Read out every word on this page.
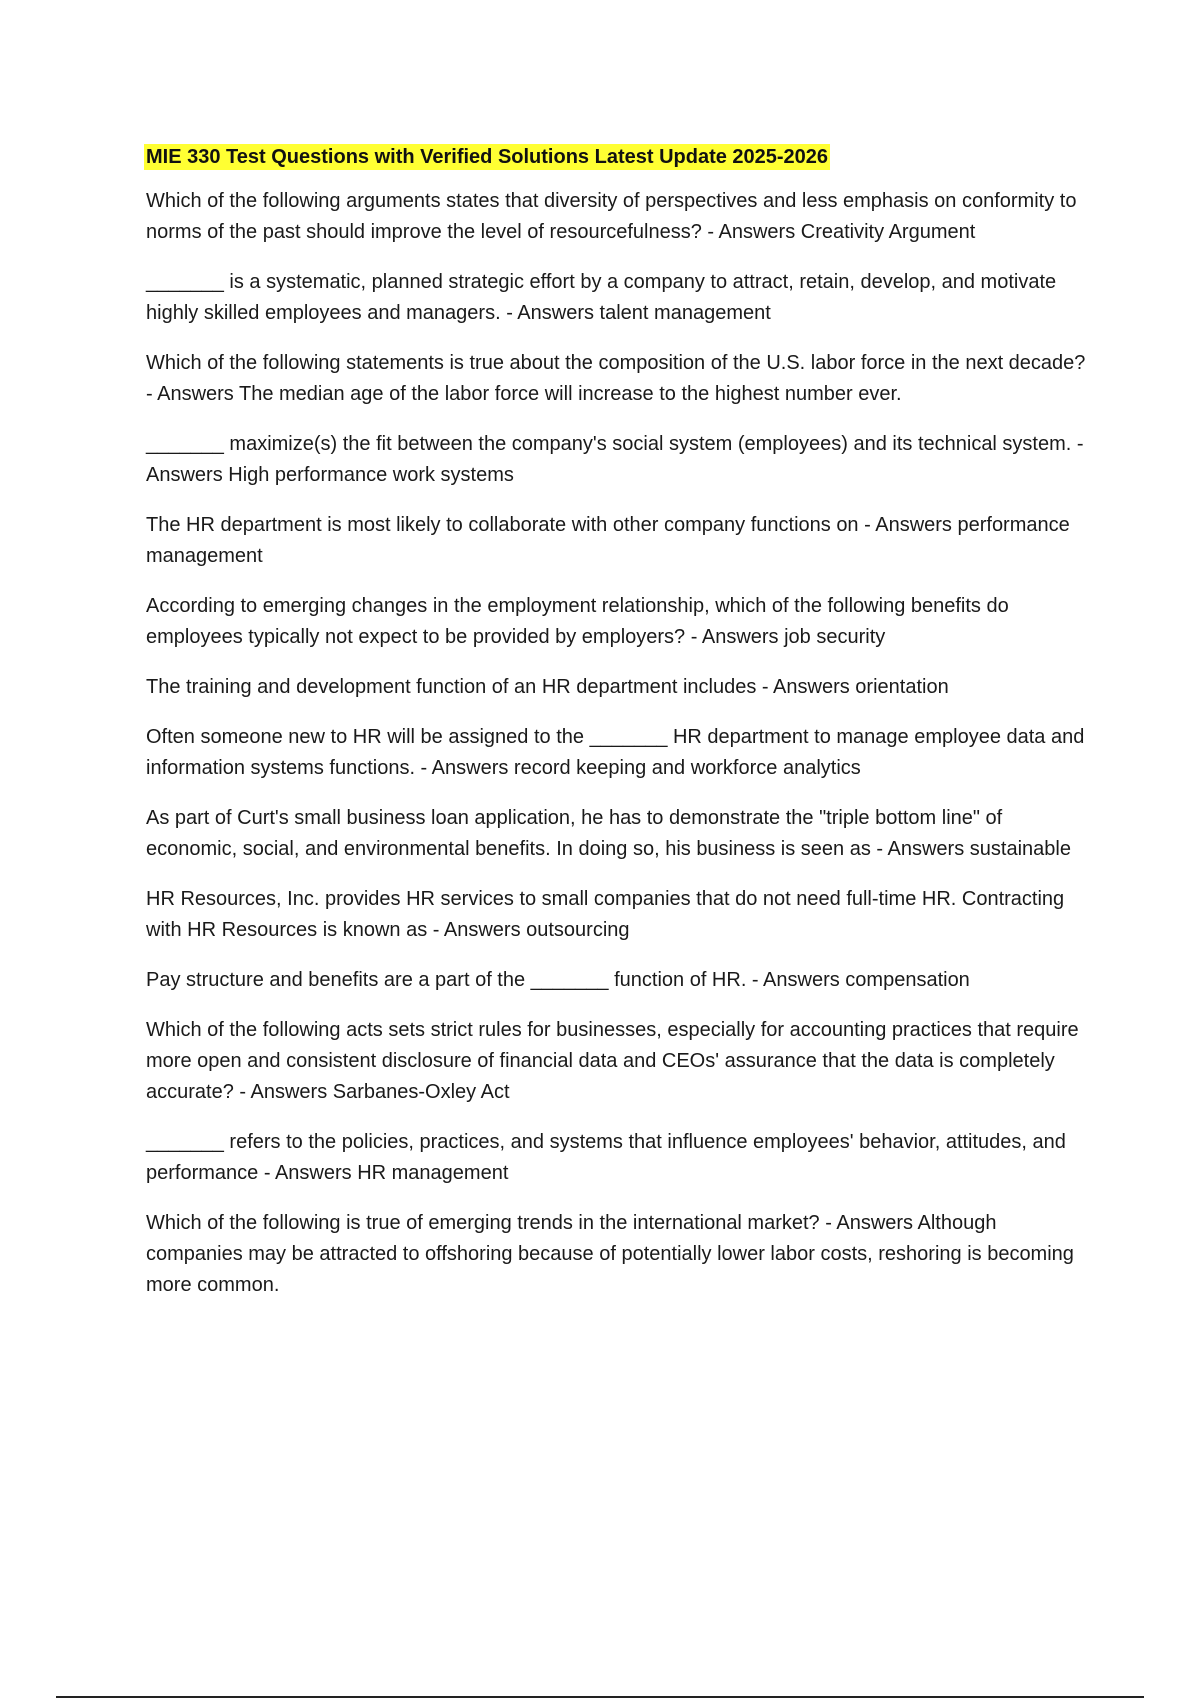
MIE 330 Test Questions with Verified Solutions Latest Update 2025-2026

Which of the following arguments states that diversity of perspectives and less emphasis on conformity to norms of the past should improve the level of resourcefulness? - Answers Creativity Argument

_______ is a systematic, planned strategic effort by a company to attract, retain, develop, and motivate highly skilled employees and managers. - Answers talent management

Which of the following statements is true about the composition of the U.S. labor force in the next decade? - Answers The median age of the labor force will increase to the highest number ever.

_______ maximize(s) the fit between the company's social system (employees) and its technical system. - Answers High performance work systems

The HR department is most likely to collaborate with other company functions on - Answers performance management

According to emerging changes in the employment relationship, which of the following benefits do employees typically not expect to be provided by employers? - Answers job security

The training and development function of an HR department includes - Answers orientation

Often someone new to HR will be assigned to the _______ HR department to manage employee data and information systems functions. - Answers record keeping and workforce analytics

As part of Curt's small business loan application, he has to demonstrate the "triple bottom line" of economic, social, and environmental benefits. In doing so, his business is seen as - Answers sustainable

HR Resources, Inc. provides HR services to small companies that do not need full-time HR. Contracting with HR Resources is known as - Answers outsourcing

Pay structure and benefits are a part of the _______ function of HR. - Answers compensation

Which of the following acts sets strict rules for businesses, especially for accounting practices that require more open and consistent disclosure of financial data and CEOs' assurance that the data is completely accurate? - Answers Sarbanes-Oxley Act

_______ refers to the policies, practices, and systems that influence employees' behavior, attitudes, and performance - Answers HR management

Which of the following is true of emerging trends in the international market? - Answers Although companies may be attracted to offshoring because of potentially lower labor costs, reshoring is becoming more common.
